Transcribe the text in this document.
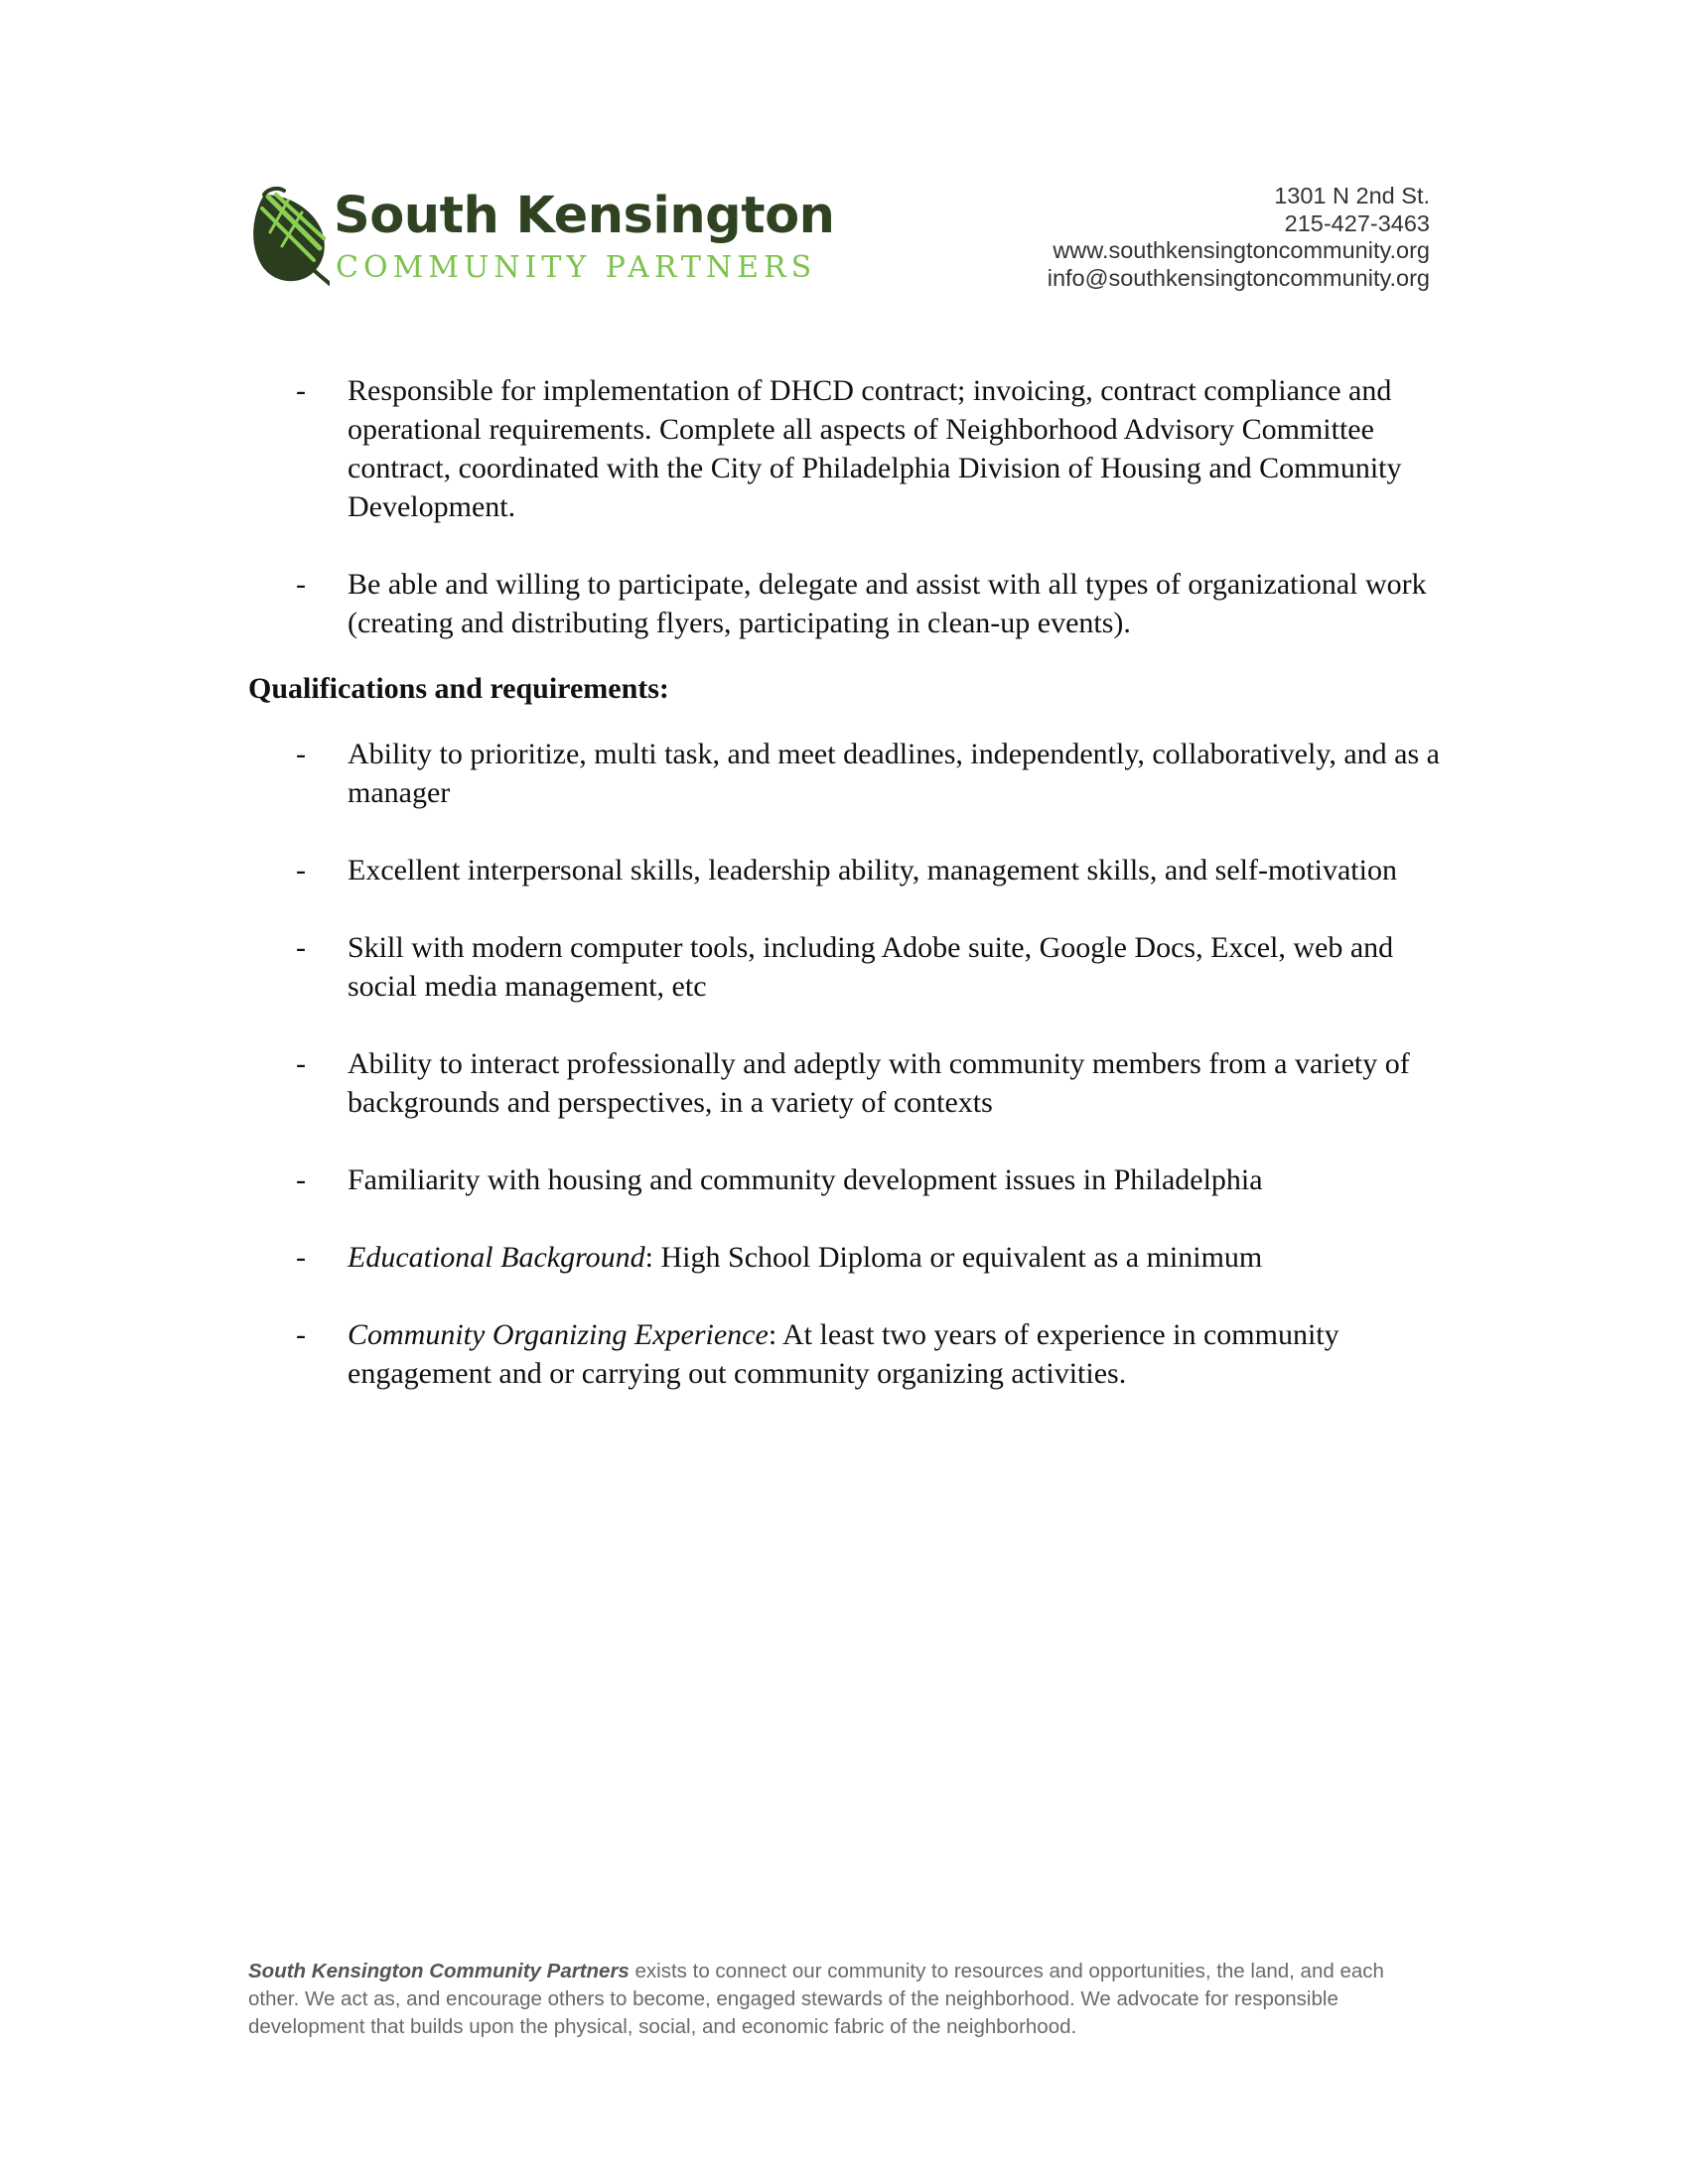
South Kensington
COMMUNITY PARTNERS
1301 N 2nd St.
215-427-3463
www.southkensingtoncommunity.org
info@southkensingtoncommunity.org
- Responsible for implementation of DHCD contract; invoicing, contract compliance and operational requirements. Complete all aspects of Neighborhood Advisory Committee contract, coordinated with the City of Philadelphia Division of Housing and Community Development.
- Be able and willing to participate, delegate and assist with all types of organizational work (creating and distributing flyers, participating in clean-up events).
Qualifications and requirements:
- Ability to prioritize, multi task, and meet deadlines, independently, collaboratively, and as a manager
- Excellent interpersonal skills, leadership ability, management skills, and self-motivation
- Skill with modern computer tools, including Adobe suite, Google Docs, Excel, web and social media management, etc
- Ability to interact professionally and adeptly with community members from a variety of backgrounds and perspectives, in a variety of contexts
- Familiarity with housing and community development issues in Philadelphia
- Educational Background: High School Diploma or equivalent as a minimum
- Community Organizing Experience: At least two years of experience in community engagement and or carrying out community organizing activities.
South Kensington Community Partners exists to connect our community to resources and opportunities, the land, and each other. We act as, and encourage others to become, engaged stewards of the neighborhood. We advocate for responsible development that builds upon the physical, social, and economic fabric of the neighborhood.
